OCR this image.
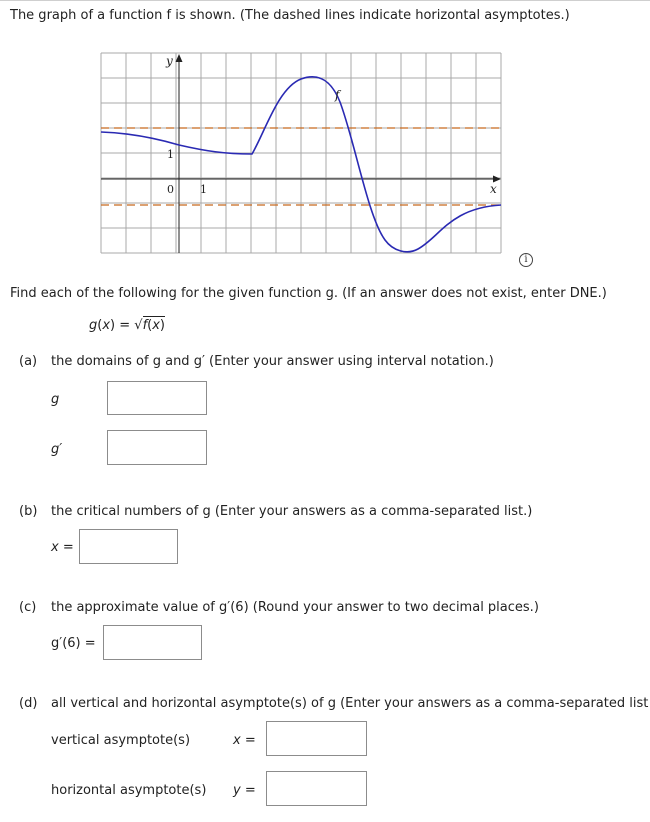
The graph of a function f is shown. (The dashed lines indicate horizontal asymptotes.)
y
x
f
1
0 1
i
Find each of the following for the given function g. (If an answer does not exist, enter DNE.)
g(x) = √f(x)
(a) the domains of g and g′ (Enter your answer using interval notation.)
g
g′
(b) the critical numbers of g (Enter your answers as a comma-separated list.)
x =
(c) the approximate value of g′(6) (Round your answer to two decimal places.)
g′(6) =
(d) all vertical and horizontal asymptote(s) of g (Enter your answers as a comma-separated list
vertical asymptote(s)	x =
horizontal asymptote(s) y =
